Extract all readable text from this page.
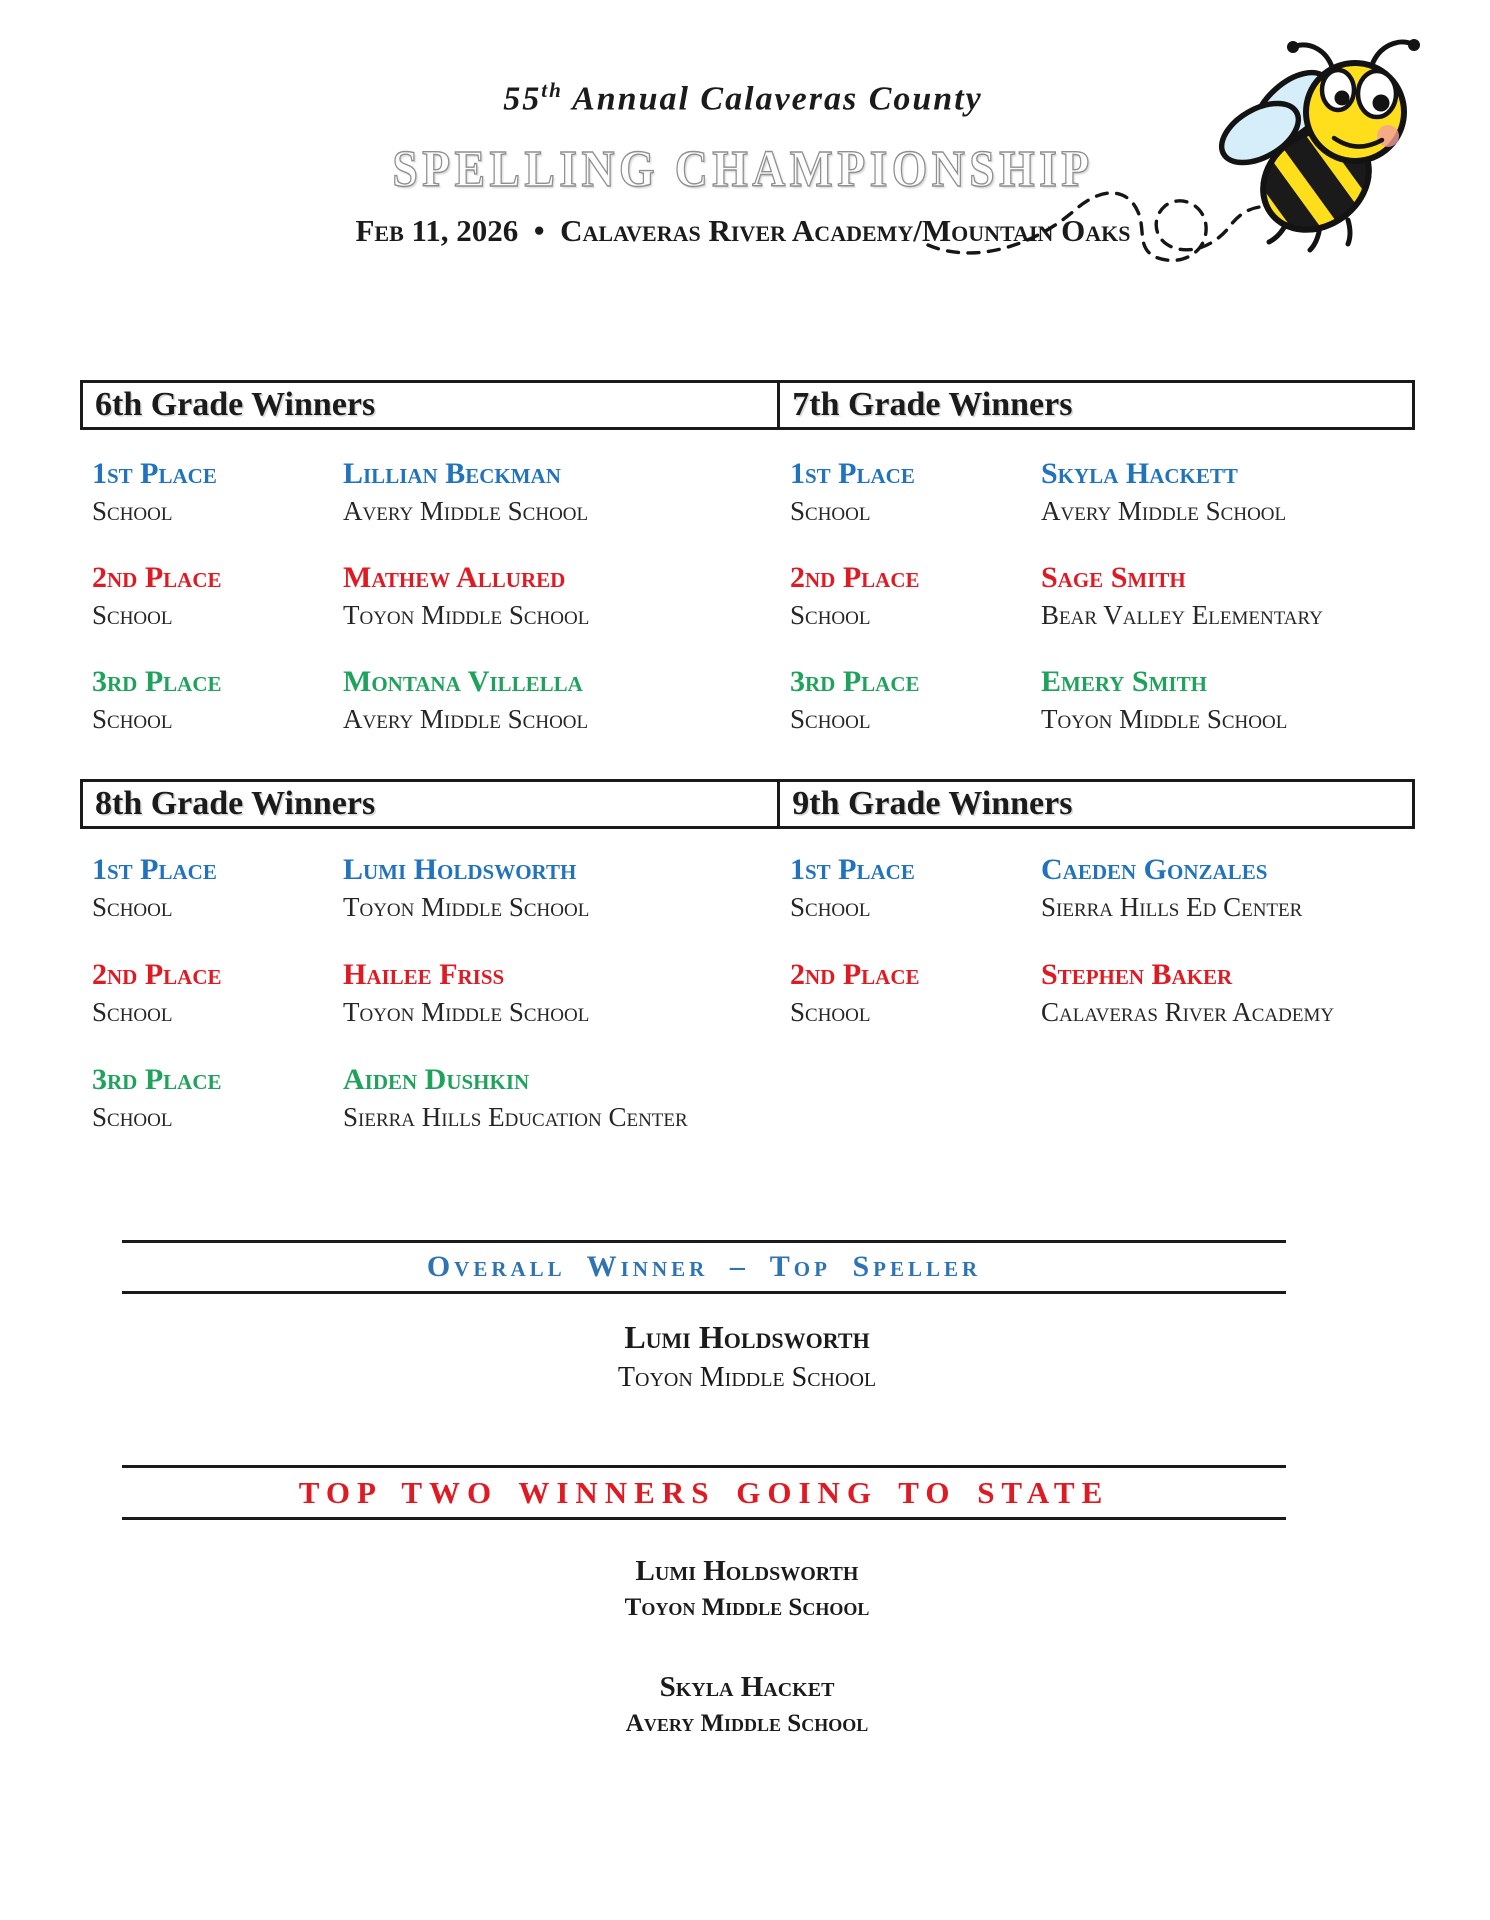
55th Annual Calaveras County
SPELLING CHAMPIONSHIP
Feb 11, 2026 • Calaveras River Academy/Mountain Oaks
6th Grade Winners	7th Grade Winners
1st Place	Lillian Beckman	1st Place	Skyla Hackett
School	Avery Middle School	School	Avery Middle School
2nd Place	Mathew Allured	2nd Place	Sage Smith
School	Toyon Middle School	School	Bear Valley Elementary
3rd Place	Montana Villella	3rd Place	Emery Smith
School	Avery Middle School	School	Toyon Middle School
8th Grade Winners	9th Grade Winners
1st Place	Lumi Holdsworth	1st Place	Caeden Gonzales
School	Toyon Middle School	School	Sierra Hills Ed Center
2nd Place	Hailee Friss	2nd Place	Stephen Baker
School	Toyon Middle School	School	Calaveras River Academy
3rd Place	Aiden Dushkin
School	Sierra Hills Education Center
Overall Winner – Top Speller
Lumi Holdsworth
Toyon Middle School
TOP TWO WINNERS GOING TO STATE
Lumi Holdsworth
Toyon Middle School
Skyla Hacket
Avery Middle School
